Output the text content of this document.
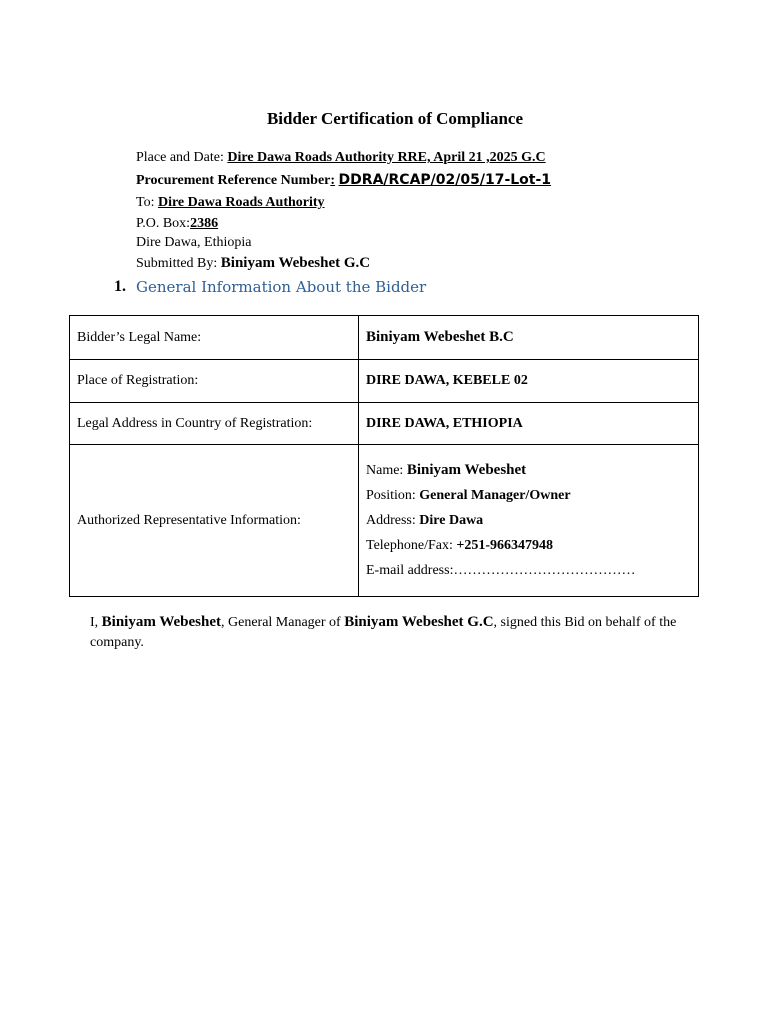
Bidder Certification of Compliance
Place and Date: Dire Dawa Roads Authority RRE, April 21 ,2025 G.C
Procurement Reference Number: DDRA/RCAP/02/05/17-Lot-1
To: Dire Dawa Roads Authority
P.O. Box:2386
Dire Dawa, Ethiopia
Submitted By: Biniyam Webeshet G.C
1. General Information About the Bidder
Bidder’s Legal Name:	Biniyam Webeshet B.C
Place of Registration:	DIRE DAWA, KEBELE 02
Legal Address in Country of Registration:	DIRE DAWA, ETHIOPIA
Authorized Representative Information:	Name: Biniyam Webeshet
Position: General Manager/Owner
Address: Dire Dawa
Telephone/Fax: +251-966347948
E-mail address:…………………………………
I, Biniyam Webeshet, General Manager of Biniyam Webeshet G.C, signed this Bid on behalf of the company.
